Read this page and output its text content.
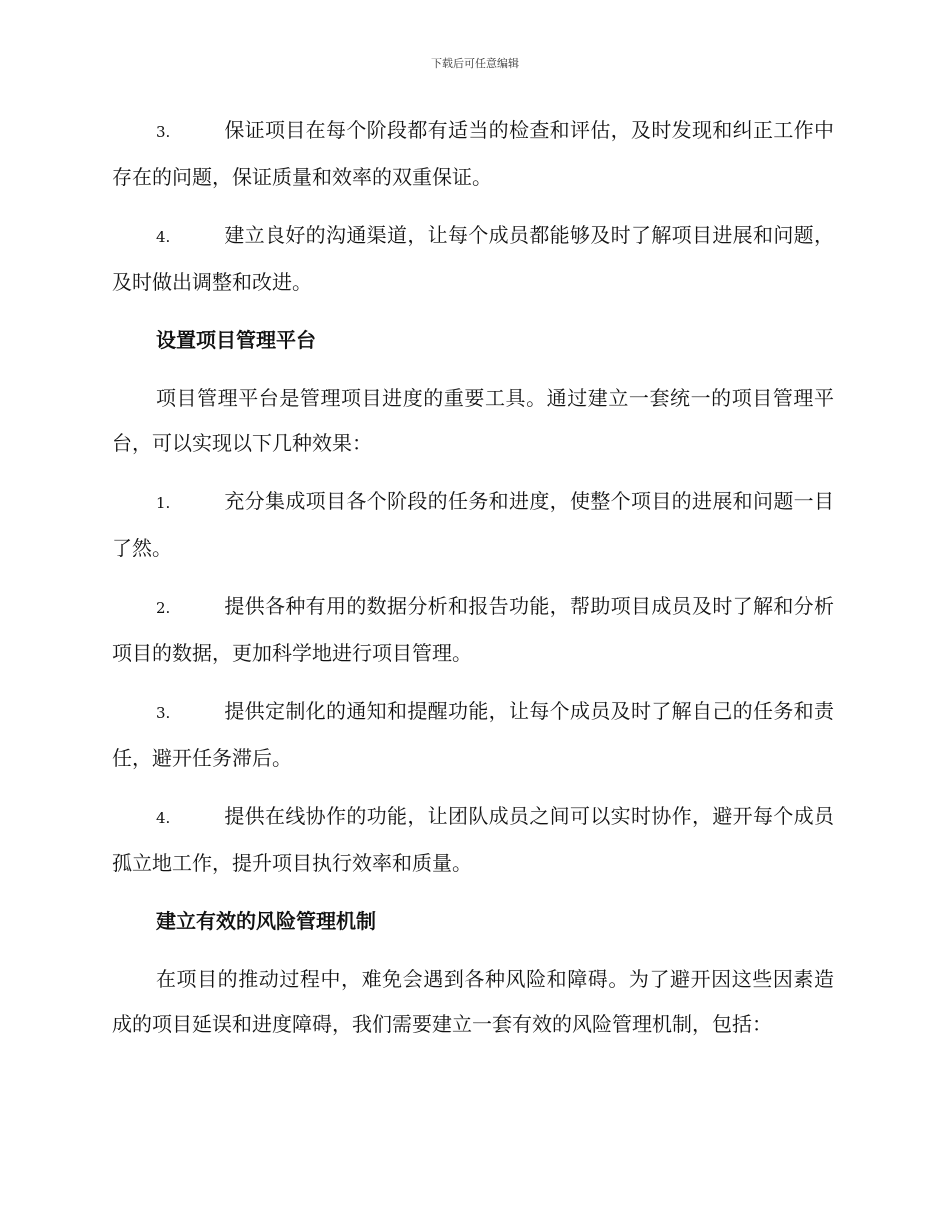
下载后可任意编辑

3.	保证项目在每个阶段都有适当的检查和评估，及时发现和纠正工作中存在的问题，保证质量和效率的双重保证。

4.	建立良好的沟通渠道，让每个成员都能够及时了解项目进展和问题，及时做出调整和改进。

设置项目管理平台

项目管理平台是管理项目进度的重要工具。通过建立一套统一的项目管理平台，可以实现以下几种效果：

1.	充分集成项目各个阶段的任务和进度，使整个项目的进展和问题一目了然。

2.	提供各种有用的数据分析和报告功能，帮助项目成员及时了解和分析项目的数据，更加科学地进行项目管理。

3.	提供定制化的通知和提醒功能，让每个成员及时了解自己的任务和责任，避开任务滞后。

4.	提供在线协作的功能，让团队成员之间可以实时协作，避开每个成员孤立地工作，提升项目执行效率和质量。

建立有效的风险管理机制

在项目的推动过程中，难免会遇到各种风险和障碍。为了避开因这些因素造成的项目延误和进度障碍，我们需要建立一套有效的风险管理机制，包括：
